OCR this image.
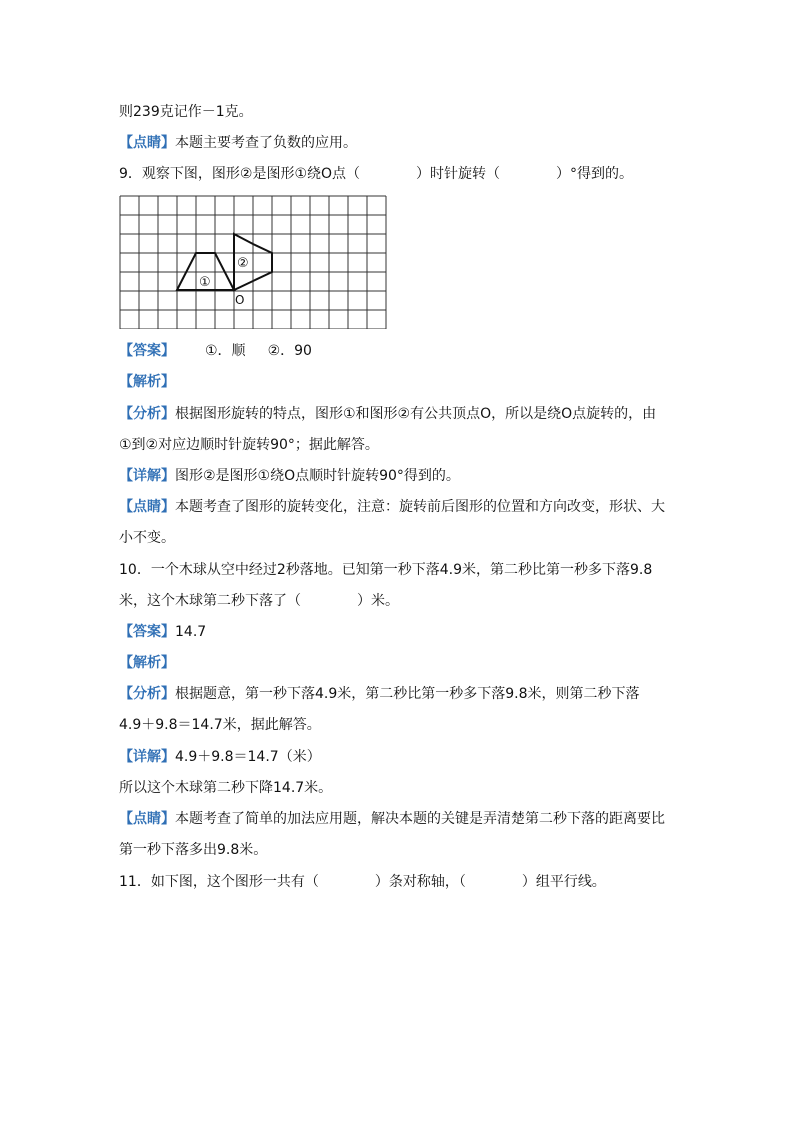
则239克记作－1克。
【点睛】本题主要考查了负数的应用。
9．观察下图，图形②是图形①绕O点（　　　　）时针旋转（　　　　）°得到的。
①
②
O
【答案】 ①．顺 ②．90
【解析】
【分析】根据图形旋转的特点，图形①和图形②有公共顶点O，所以是绕O点旋转的，由
①到②对应边顺时针旋转90°；据此解答。
【详解】图形②是图形①绕O点顺时针旋转90°得到的。
【点睛】本题考查了图形的旋转变化，注意：旋转前后图形的位置和方向改变，形状、大
小不变。
10．一个木球从空中经过2秒落地。已知第一秒下落4.9米，第二秒比第一秒多下落9.8
米，这个木球第二秒下落了（　　　　）米。
【答案】14.7
【解析】
【分析】根据题意，第一秒下落4.9米，第二秒比第一秒多下落9.8米，则第二秒下落
4.9＋9.8＝14.7米，据此解答。
【详解】4.9＋9.8＝14.7（米）
所以这个木球第二秒下降14.7米。
【点睛】本题考查了简单的加法应用题，解决本题的关键是弄清楚第二秒下落的距离要比
第一秒下落多出9.8米。
11．如下图，这个图形一共有（　　　　）条对称轴，（　　　　）组平行线。
